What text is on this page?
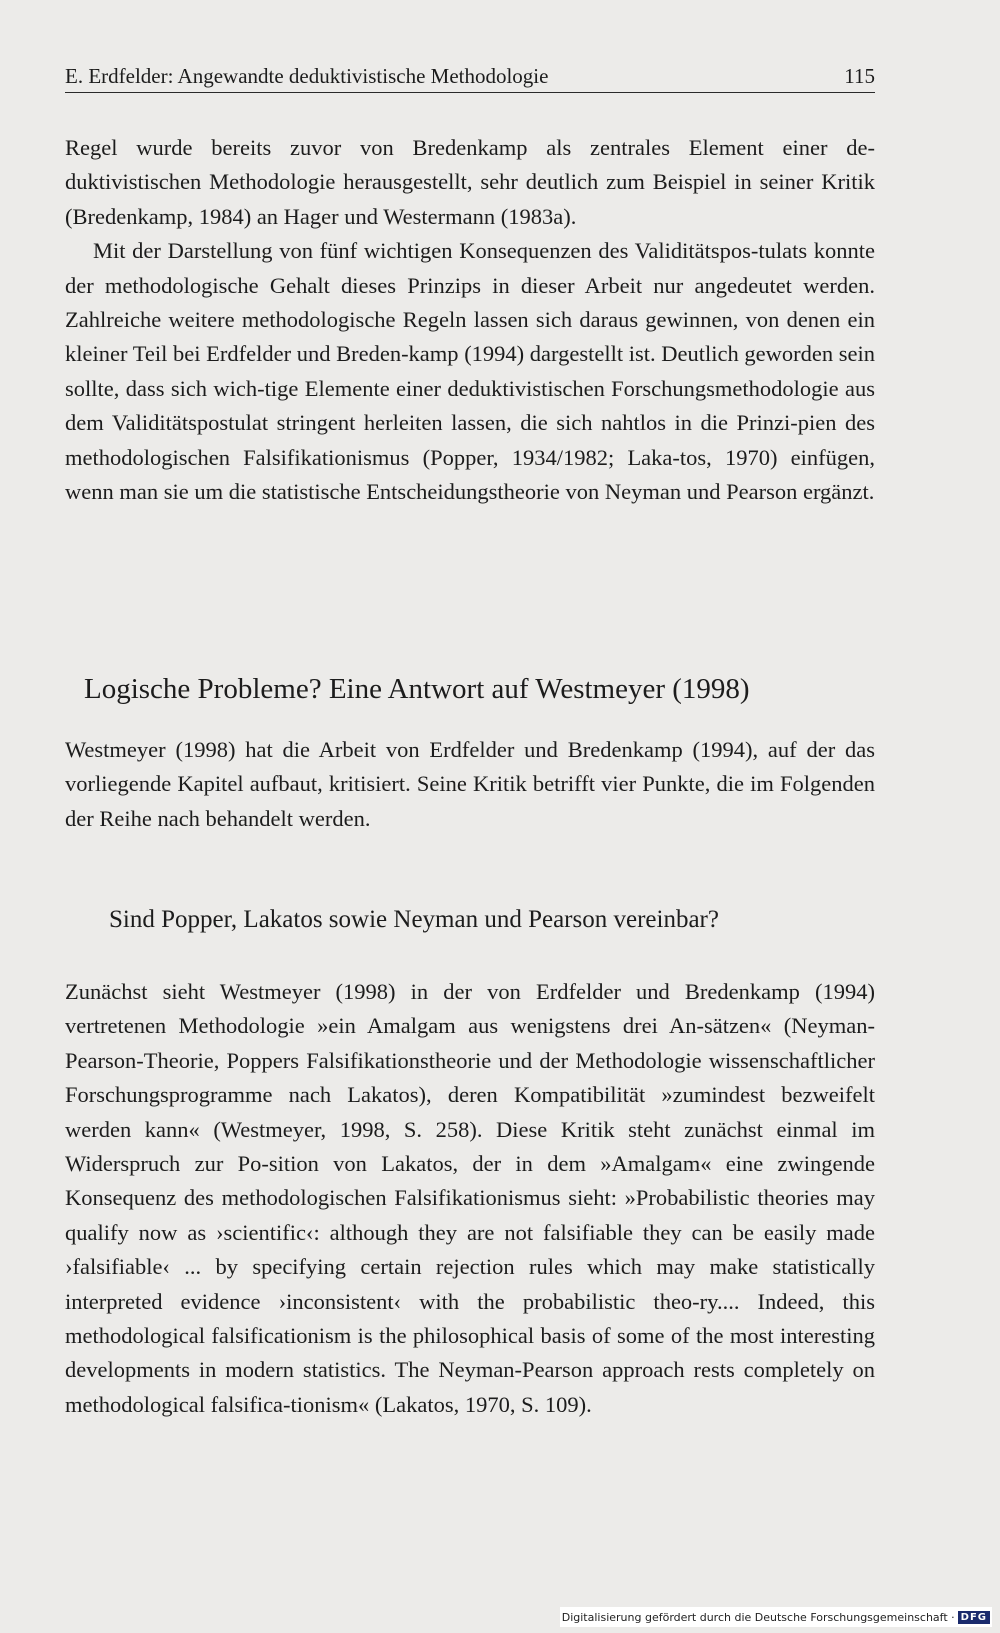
E. Erdfelder: Angewandte deduktivistische Methodologie	115

Regel wurde bereits zuvor von Bredenkamp als zentrales Element einer de-duktivistischen Methodologie herausgestellt, sehr deutlich zum Beispiel in seiner Kritik (Bredenkamp, 1984) an Hager und Westermann (1983a).

Mit der Darstellung von fünf wichtigen Konsequenzen des Validitätspos-tulats konnte der methodologische Gehalt dieses Prinzips in dieser Arbeit nur angedeutet werden. Zahlreiche weitere methodologische Regeln lassen sich daraus gewinnen, von denen ein kleiner Teil bei Erdfelder und Breden-kamp (1994) dargestellt ist. Deutlich geworden sein sollte, dass sich wich-tige Elemente einer deduktivistischen Forschungsmethodologie aus dem Validitätspostulat stringent herleiten lassen, die sich nahtlos in die Prinzi-pien des methodologischen Falsifikationismus (Popper, 1934/1982; Laka-tos, 1970) einfügen, wenn man sie um die statistische Entscheidungstheorie von Neyman und Pearson ergänzt.

Logische Probleme? Eine Antwort auf Westmeyer (1998)

Westmeyer (1998) hat die Arbeit von Erdfelder und Bredenkamp (1994), auf der das vorliegende Kapitel aufbaut, kritisiert. Seine Kritik betrifft vier Punkte, die im Folgenden der Reihe nach behandelt werden.

Sind Popper, Lakatos sowie Neyman und Pearson vereinbar?

Zunächst sieht Westmeyer (1998) in der von Erdfelder und Bredenkamp (1994) vertretenen Methodologie »ein Amalgam aus wenigstens drei An-sätzen« (Neyman-Pearson-Theorie, Poppers Falsifikationstheorie und der Methodologie wissenschaftlicher Forschungsprogramme nach Lakatos), deren Kompatibilität »zumindest bezweifelt werden kann« (Westmeyer, 1998, S. 258). Diese Kritik steht zunächst einmal im Widerspruch zur Po-sition von Lakatos, der in dem »Amalgam« eine zwingende Konsequenz des methodologischen Falsifikationismus sieht: »Probabilistic theories may qualify now as ›scientific‹: although they are not falsifiable they can be easily made ›falsifiable‹ ... by specifying certain rejection rules which may make statistically interpreted evidence ›inconsistent‹ with the probabilistic theo-ry.... Indeed, this methodological falsificationism is the philosophical basis of some of the most interesting developments in modern statistics. The Neyman-Pearson approach rests completely on methodological falsifica-tionism« (Lakatos, 1970, S. 109).

Digitalisierung gefördert durch die Deutsche Forschungsgemeinschaft · DFG
